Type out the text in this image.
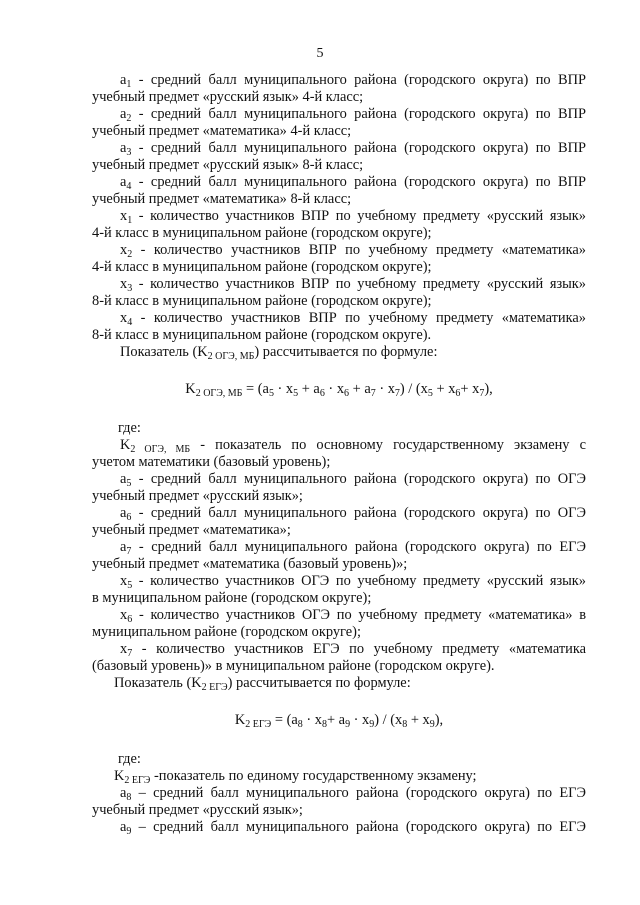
5

$a_1$ - средний балл муниципального района (городского округа) по ВПР
учебный предмет «русский язык» 4-й класс;

$a_2$ - средний балл муниципального района (городского округа) по ВПР
учебный предмет «математика» 4-й класс;

$a_3$ - средний балл муниципального района (городского округа) по ВПР
учебный предмет «русский язык» 8-й класс;

$a_4$ - средний балл муниципального района (городского округа) по ВПР
учебный предмет «математика» 8-й класс;

$x_1$ - количество участников ВПР по учебному предмету «русский язык»
4-й класс в муниципальном районе (городском округе);

$x_2$ - количество участников ВПР по учебному предмету «математика»
4-й класс в муниципальном районе (городском округе);

$x_3$ - количество участников ВПР по учебному предмету «русский язык»
8-й класс в муниципальном районе (городском округе);

$x_4$ - количество участников ВПР по учебному предмету «математика»
8-й класс в муниципальном районе (городском округе).

Показатель $(K_{2 ОГЭ, МБ})$ рассчитывается по формуле:

$K_{2 ОГЭ, МБ} = (a_5 \cdot x_5 + a_6 \cdot x_6 + a_7 \cdot x_7) / (x_5 + x_6+ x_7)$,

где:

$K_{2 ОГЭ, МБ}$ - показатель по основному государственному экзамену с
учетом математики (базовый уровень);

$a_5$ - средний балл муниципального района (городского округа) по ОГЭ
учебный предмет «русский язык»;

$a_6$ - средний балл муниципального района (городского округа) по ОГЭ
учебный предмет «математика»;

$a_7$ - средний балл муниципального района (городского округа) по ЕГЭ
учебный предмет «математика (базовый уровень)»;

$x_5$ - количество участников ОГЭ по учебному предмету «русский язык»
в муниципальном районе (городском округе);

$x_6$ - количество участников ОГЭ по учебному предмету «математика» в
муниципальном районе (городском округе);

$x_7$ - количество участников ЕГЭ по учебному предмету «математика
(базовый уровень)» в муниципальном районе (городском округе).

Показатель $(K_{2 ЕГЭ})$ рассчитывается по формуле:

$K_{2 ЕГЭ} = (a_8 \cdot x_8+ a_9 \cdot x_9) / (x_8 + x_9)$,

где:

$K_{2 ЕГЭ}$ -показатель по единому государственному экзамену;

$a_8$ – средний балл муниципального района (городского округа) по ЕГЭ
учебный предмет «русский язык»;

$a_9$ – средний балл муниципального района (городского округа) по ЕГЭ
